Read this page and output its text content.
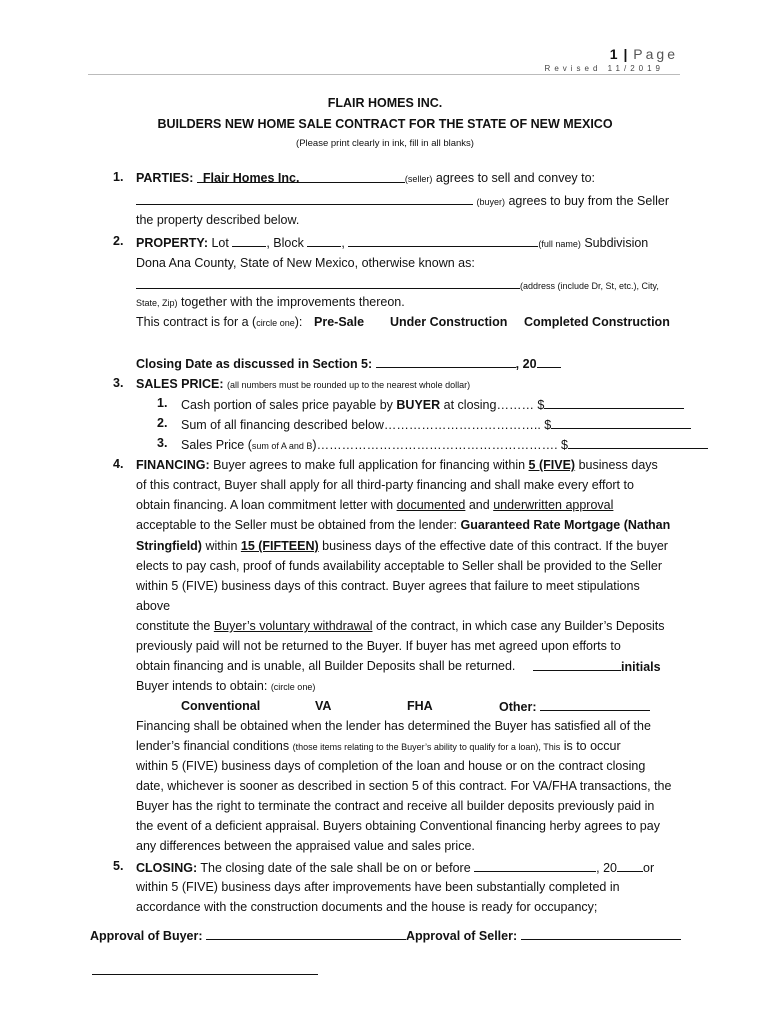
1 | Page
Revised 11/2019
FLAIR HOMES INC.
BUILDERS NEW HOME SALE CONTRACT FOR THE STATE OF NEW MEXICO
(Please print clearly in ink, fill in all blanks)
1. PARTIES: Flair Homes Inc.	(seller) agrees to sell and convey to:
(buyer) agrees to buy from the Seller
the property described below.
2. PROPERTY: Lot	, Block	,	(full name) Subdivision
Dona Ana County, State of New Mexico, otherwise known as:
(address (include Dr, St, etc.), City,
State, Zip) together with the improvements thereon.
This contract is for a (circle one): Pre-Sale Under Construction Completed Construction
Closing Date as discussed in Section 5:	, 20
3. SALES PRICE: (all numbers must be rounded up to the nearest whole dollar)
1. Cash portion of sales price payable by BUYER at closing……… $
2. Sum of all financing described below……………………………….. $
3. Sales Price (sum of A and B)…………………………………………………. $
4. FINANCING: Buyer agrees to make full application for financing within 5 (FIVE) business days
of this contract, Buyer shall apply for all third-party financing and shall make every effort to
obtain financing. A loan commitment letter with documented and underwritten approval
acceptable to the Seller must be obtained from the lender: Guaranteed Rate Mortgage (Nathan
Stringfield) within 15 (FIFTEEN) business days of the effective date of this contract. If the buyer
elects to pay cash, proof of funds availability acceptable to Seller shall be provided to the Seller
within 5 (FIVE) business days of this contract. Buyer agrees that failure to meet stipulations
above
constitute the Buyer’s voluntary withdrawal of the contract, in which case any Builder’s Deposits
previously paid will not be returned to the Buyer. If buyer has met agreed upon efforts to
obtain financing and is unable, all Builder Deposits shall be returned.	initials
Buyer intends to obtain: (circle one)
Conventional	VA	FHA	Other:
Financing shall be obtained when the lender has determined the Buyer has satisfied all of the
lender’s financial conditions (those items relating to the Buyer’s ability to qualify for a loan), This is to occur
within 5 (FIVE) business days of completion of the loan and house or on the contract closing
date, whichever is sooner as described in section 5 of this contract. For VA/FHA transactions, the
Buyer has the right to terminate the contract and receive all builder deposits previously paid in
the event of a deficient appraisal. Buyers obtaining Conventional financing herby agrees to pay
any differences between the appraised value and sales price.
5. CLOSING: The closing date of the sale shall be on or before	, 20 or
within 5 (FIVE) business days after improvements have been substantially completed in
accordance with the construction documents and the house is ready for occupancy;
Approval of Buyer:	Approval of Seller:
